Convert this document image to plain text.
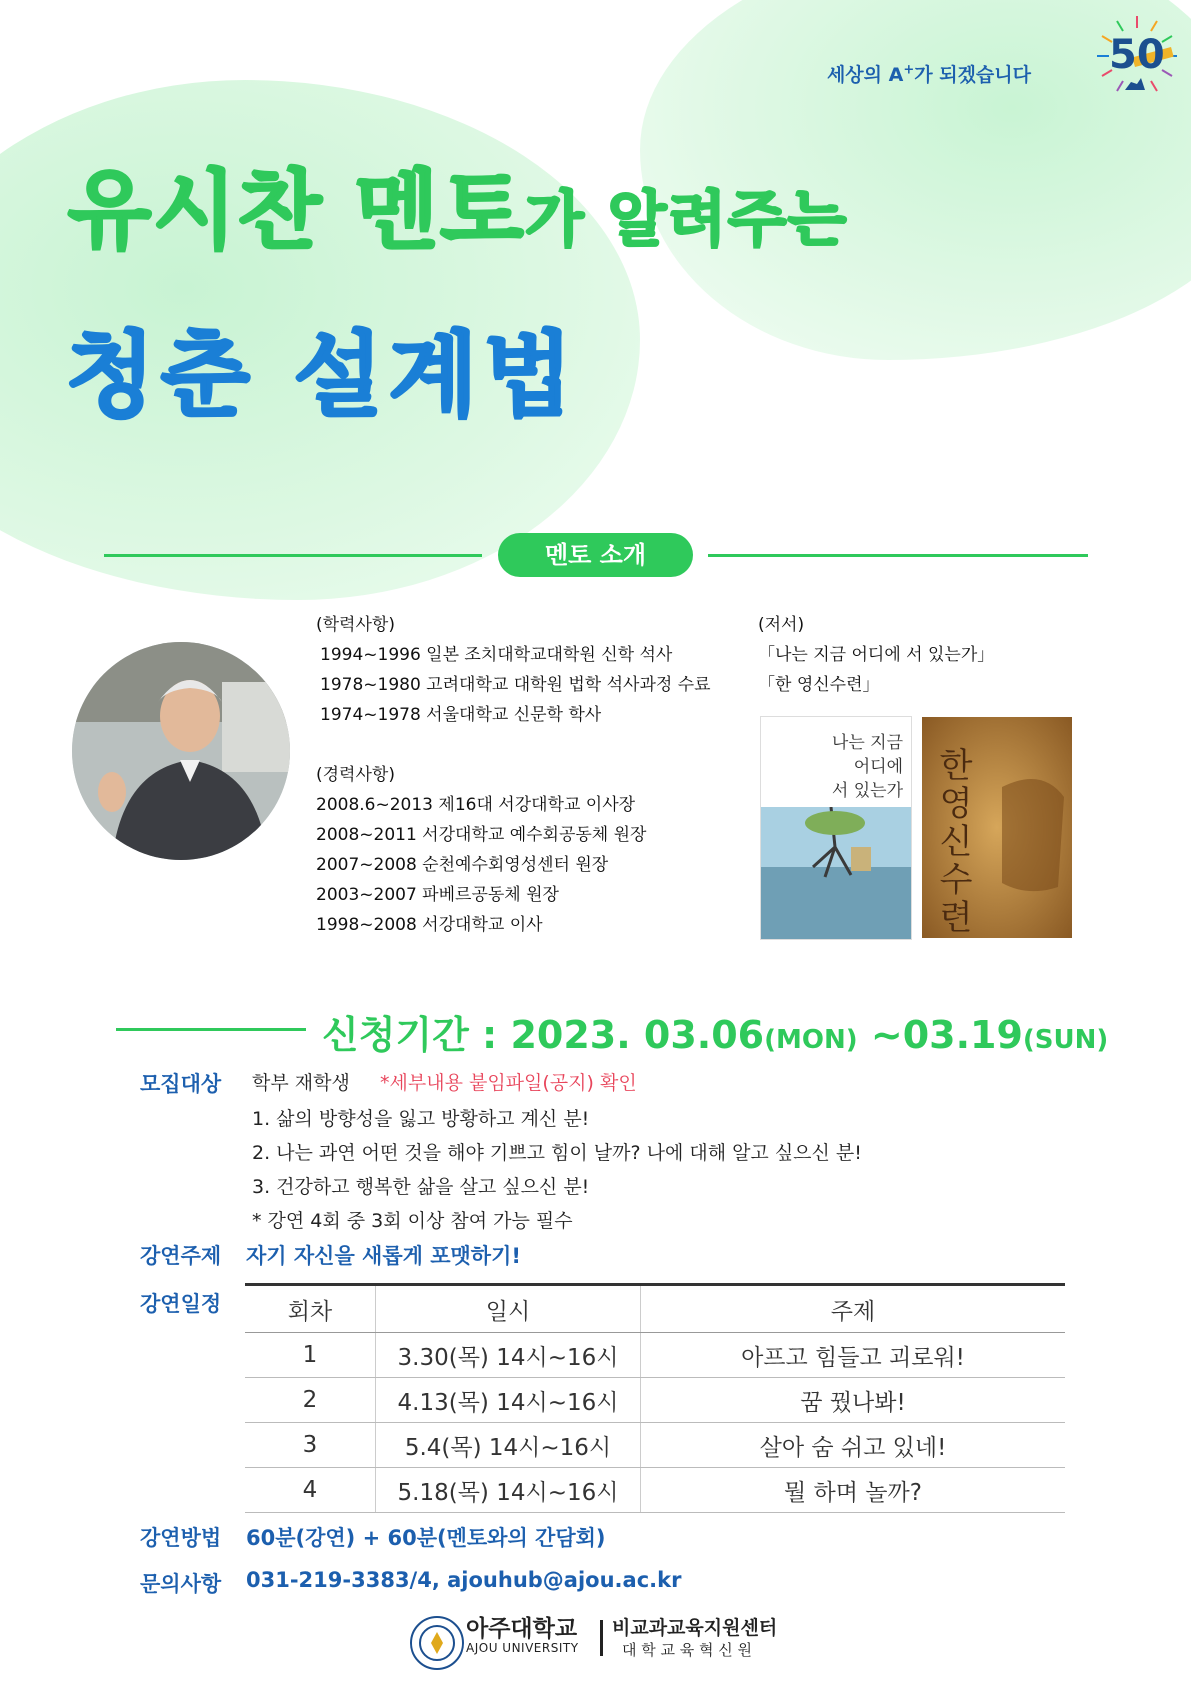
세상의 A+가 되겠습니다 50
유시찬 멘토가 알려주는
청춘 설계법
멘토 소개
(학력사항)
1994~1996 일본 조치대학교대학원 신학 석사
1978~1980 고려대학교 대학원 법학 석사과정 수료
1974~1978 서울대학교 신문학 학사
(경력사항)
2008.6~2013 제16대 서강대학교 이사장
2008~2011 서강대학교 예수회공동체 원장
2007~2008 순천예수회영성센터 원장
2003~2007 파베르공동체 원장
1998~2008 서강대학교 이사
(저서)
「나는 지금 어디에 서 있는가」
「한 영신수련」
나는 지금
어디에
서 있는가
한영신수련
신청기간 : 2023. 03.06(MON) ~03.19(SUN)
모집대상 학부 재학생 *세부내용 붙임파일(공지) 확인
1. 삶의 방향성을 잃고 방황하고 계신 분!
2. 나는 과연 어떤 것을 해야 기쁘고 힘이 날까? 나에 대해 알고 싶으신 분!
3. 건강하고 행복한 삶을 살고 싶으신 분!
* 강연 4회 중 3회 이상 참여 가능 필수
강연주제 자기 자신을 새롭게 포맷하기!
강연일정	회차	일시	주제
1	3.30(목) 14시~16시	아프고 힘들고 괴로워!
2	4.13(목) 14시~16시	꿈 꿨나봐!
3	5.4(목) 14시~16시	살아 숨 쉬고 있네!
4	5.18(목) 14시~16시	뭘 하며 놀까?
강연방법 60분(강연) + 60분(멘토와의 간담회)
문의사항 031-219-3383/4, ajouhub@ajou.ac.kr
아주대학교
AJOU UNIVERSITY
비교과교육지원센터
대 학 교 육 혁 신 원
